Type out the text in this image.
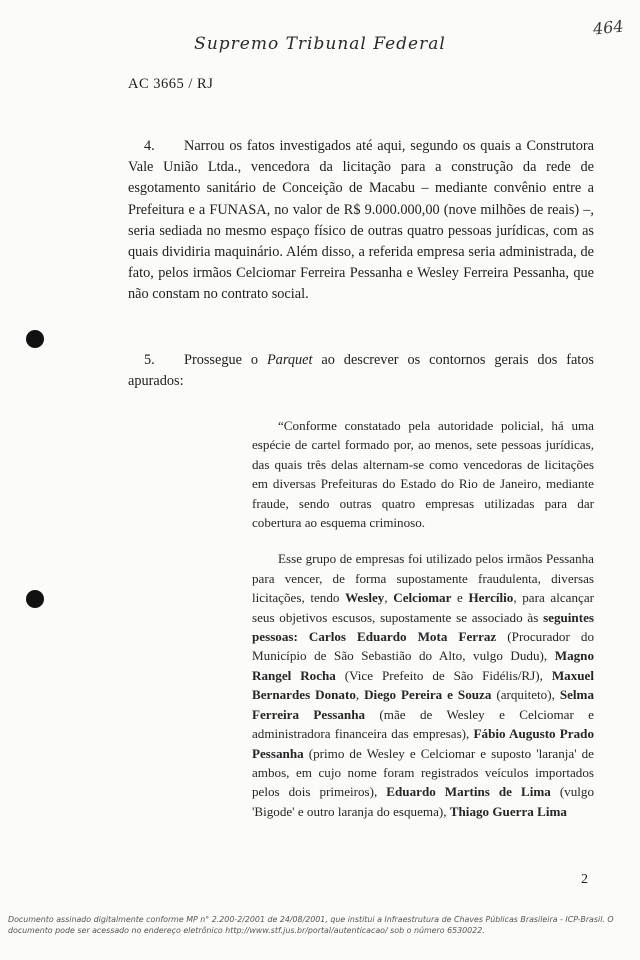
Supremo Tribunal Federal
464
AC 3665 / RJ
4. Narrou os fatos investigados até aqui, segundo os quais a Construtora Vale União Ltda., vencedora da licitação para a construção da rede de esgotamento sanitário de Conceição de Macabu – mediante convênio entre a Prefeitura e a FUNASA, no valor de R$ 9.000.000,00 (nove milhões de reais) –, seria sediada no mesmo espaço físico de outras quatro pessoas jurídicas, com as quais dividiria maquinário. Além disso, a referida empresa seria administrada, de fato, pelos irmãos Celciomar Ferreira Pessanha e Wesley Ferreira Pessanha, que não constam no contrato social.
5. Prossegue o Parquet ao descrever os contornos gerais dos fatos apurados:

“Conforme constatado pela autoridade policial, há uma espécie de cartel formado por, ao menos, sete pessoas jurídicas, das quais três delas alternam-se como vencedoras de licitações em diversas Prefeituras do Estado do Rio de Janeiro, mediante fraude, sendo outras quatro empresas utilizadas para dar cobertura ao esquema criminoso.

Esse grupo de empresas foi utilizado pelos irmãos Pessanha para vencer, de forma supostamente fraudulenta, diversas licitações, tendo Wesley, Celciomar e Hercílio, para alcançar seus objetivos escusos, supostamente se associado às seguintes pessoas: Carlos Eduardo Mota Ferraz (Procurador do Município de São Sebastião do Alto, vulgo Dudu), Magno Rangel Rocha (Vice Prefeito de São Fidélis/RJ), Maxuel Bernardes Donato, Diego Pereira e Souza (arquiteto), Selma Ferreira Pessanha (mãe de Wesley e Celciomar e administradora financeira das empresas), Fábio Augusto Prado Pessanha (primo de Wesley e Celciomar e suposto 'laranja' de ambos, em cujo nome foram registrados veículos importados pelos dois primeiros), Eduardo Martins de Lima (vulgo 'Bigode' e outro laranja do esquema), Thiago Guerra Lima

2
Documento assinado digitalmente conforme MP n° 2.200-2/2001 de 24/08/2001, que institui a Infraestrutura de Chaves Públicas Brasileira - ICP-Brasil. O
documento pode ser acessado no endereço eletrônico http://www.stf.jus.br/portal/autenticacao/ sob o número 6530022.
